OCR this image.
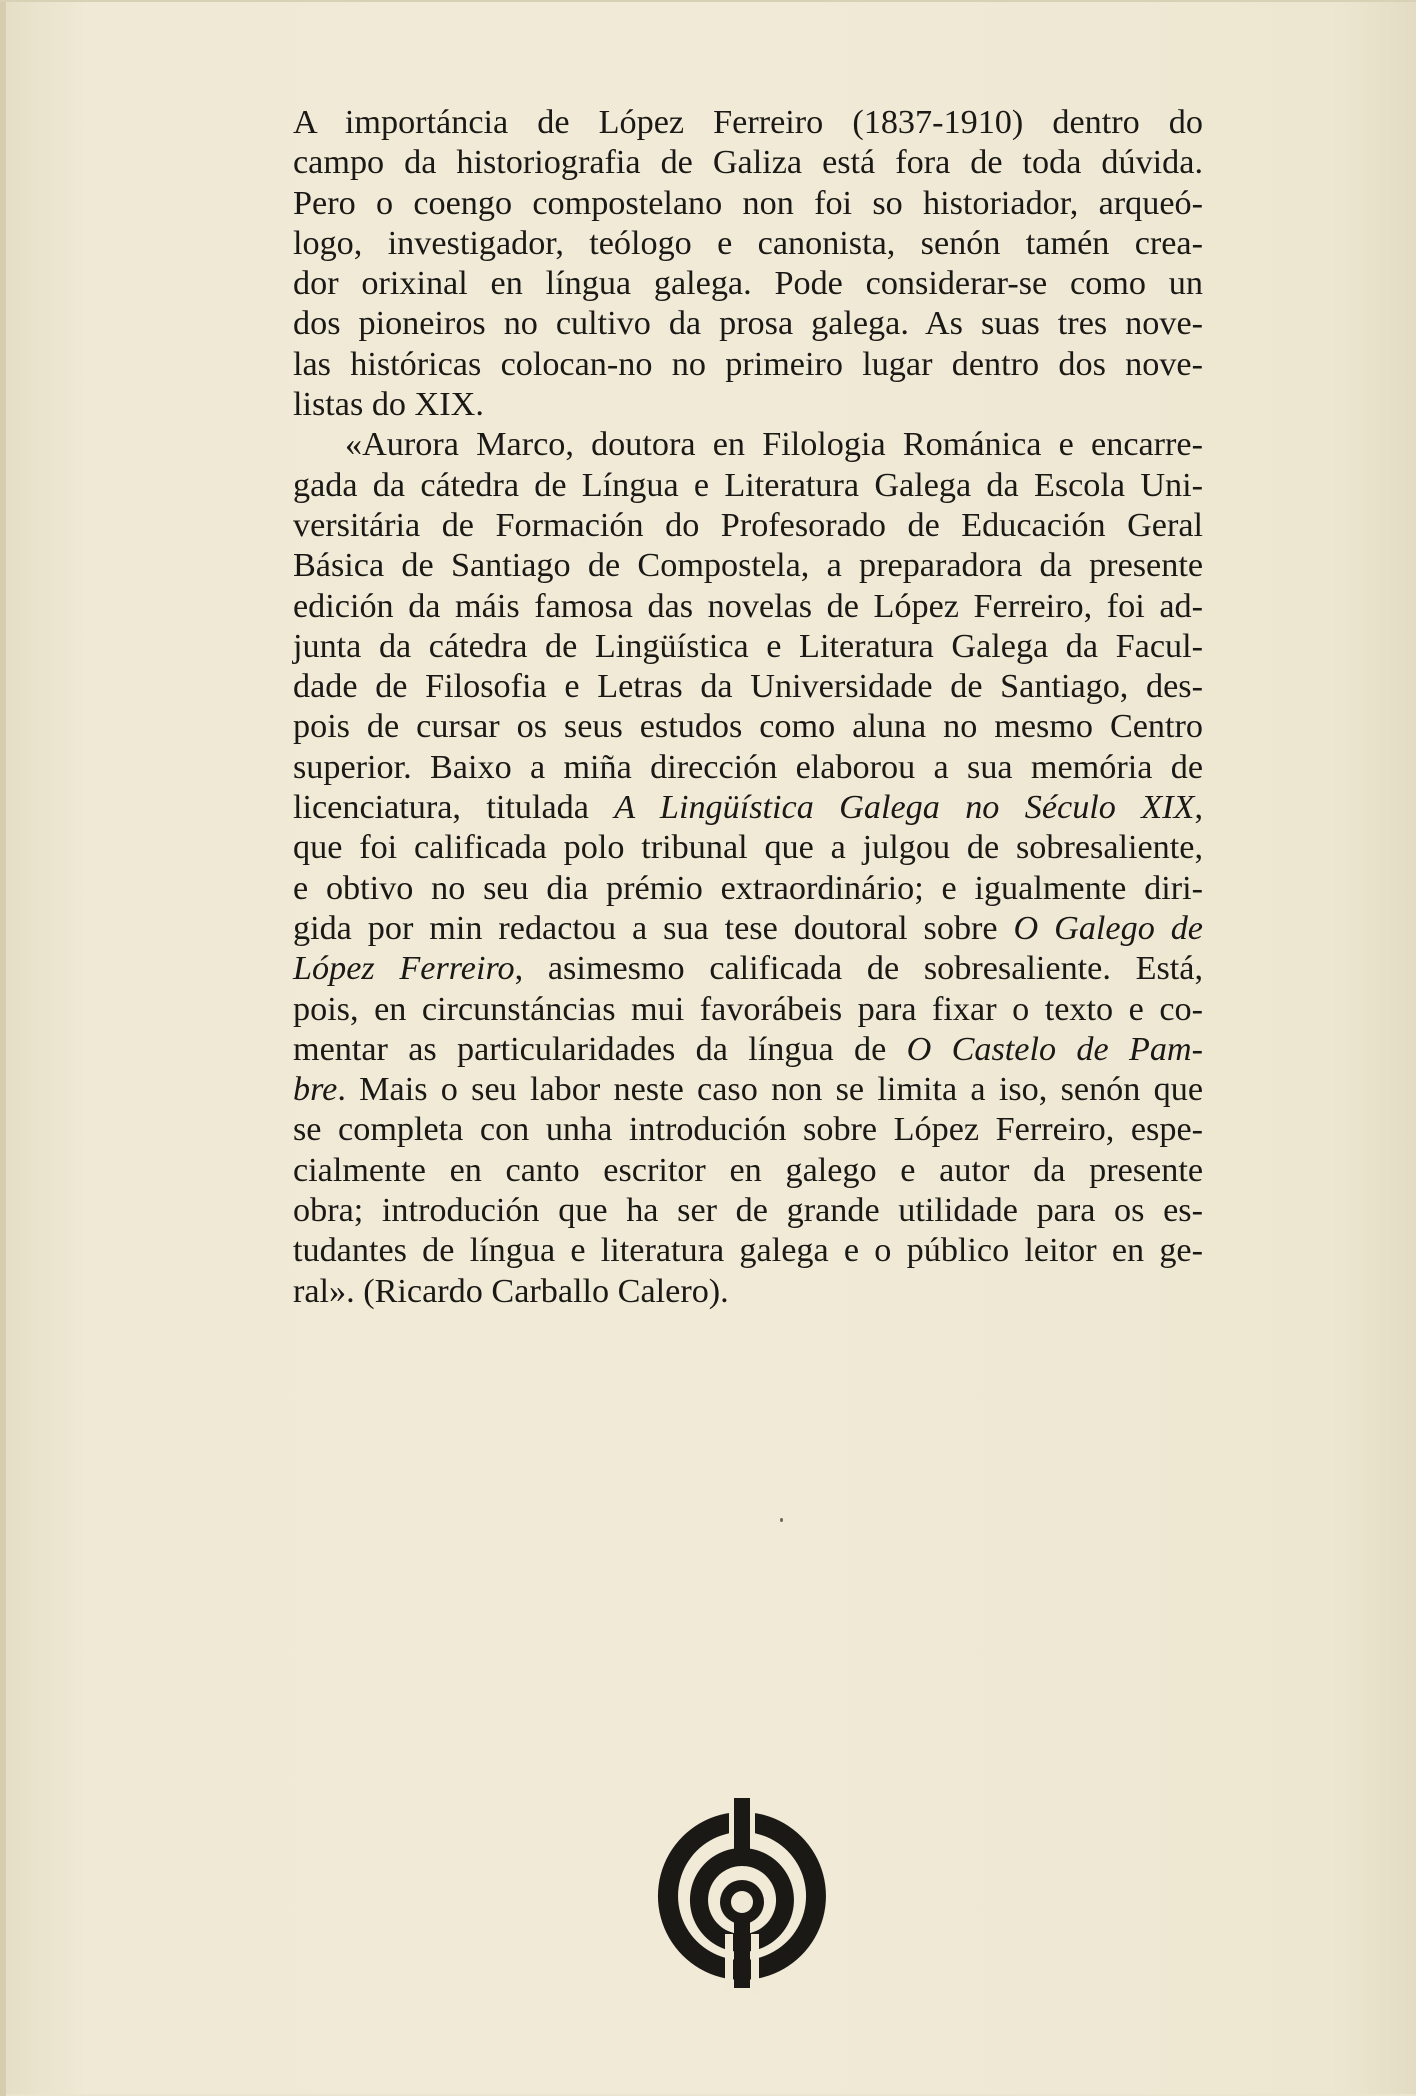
A importáncia de López Ferreiro (1837-1910) dentro do
campo da historiografia de Galiza está fora de toda dúvida.
Pero o coengo compostelano non foi so historiador, arqueó-
logo, investigador, teólogo e canonista, senón tamén crea-
dor orixinal en língua galega. Pode considerar-se como un
dos pioneiros no cultivo da prosa galega. As suas tres nove-
las históricas colocan-no no primeiro lugar dentro dos nove-
listas do XIX.
«Aurora Marco, doutora en Filologia Románica e encarre-
gada da cátedra de Língua e Literatura Galega da Escola Uni-
versitária de Formación do Profesorado de Educación Geral
Básica de Santiago de Compostela, a preparadora da presente
edición da máis famosa das novelas de López Ferreiro, foi ad-
junta da cátedra de Lingüística e Literatura Galega da Facul-
dade de Filosofia e Letras da Universidade de Santiago, des-
pois de cursar os seus estudos como aluna no mesmo Centro
superior. Baixo a miña dirección elaborou a sua memória de
licenciatura, titulada A Lingüística Galega no Século XIX,
que foi calificada polo tribunal que a julgou de sobresaliente,
e obtivo no seu dia prémio extraordinário; e igualmente diri-
gida por min redactou a sua tese doutoral sobre O Galego de
López Ferreiro, asimesmo calificada de sobresaliente. Está,
pois, en circunstáncias mui favorábeis para fixar o texto e co-
mentar as particularidades da língua de O Castelo de Pam-
bre. Mais o seu labor neste caso non se limita a iso, senón que
se completa con unha introdución sobre López Ferreiro, espe-
cialmente en canto escritor en galego e autor da presente
obra; introdución que ha ser de grande utilidade para os es-
tudantes de língua e literatura galega e o público leitor en ge-
ral». (Ricardo Carballo Calero).
